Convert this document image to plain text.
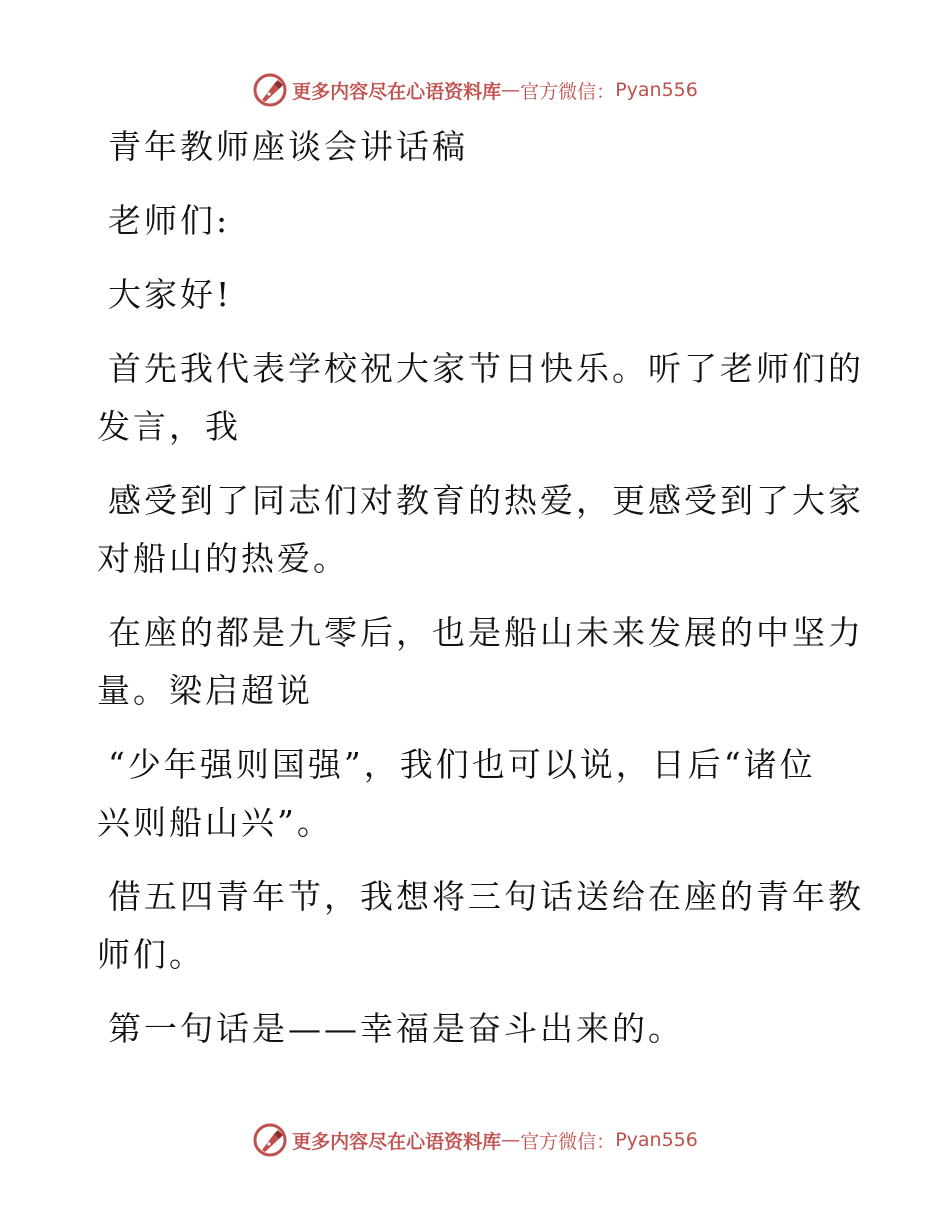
更多内容尽在心语资料库 — 官方微信： Pyan556
青年教师座谈会讲话稿
老师们:
大家好!
首先我代表学校祝大家节日快乐。听了老师们的
发言，我
感受到了同志们对教育的热爱，更感受到了大家
对船山的热爱。
在座的都是九零后，也是船山未来发展的中坚力
量。梁启超说
“少年强则国强”，我们也可以说，日后“诸位
兴则船山兴”。
借五四青年节，我想将三句话送给在座的青年教
师们。
第一句话是——幸福是奋斗出来的。
更多内容尽在心语资料库 — 官方微信： Pyan556
